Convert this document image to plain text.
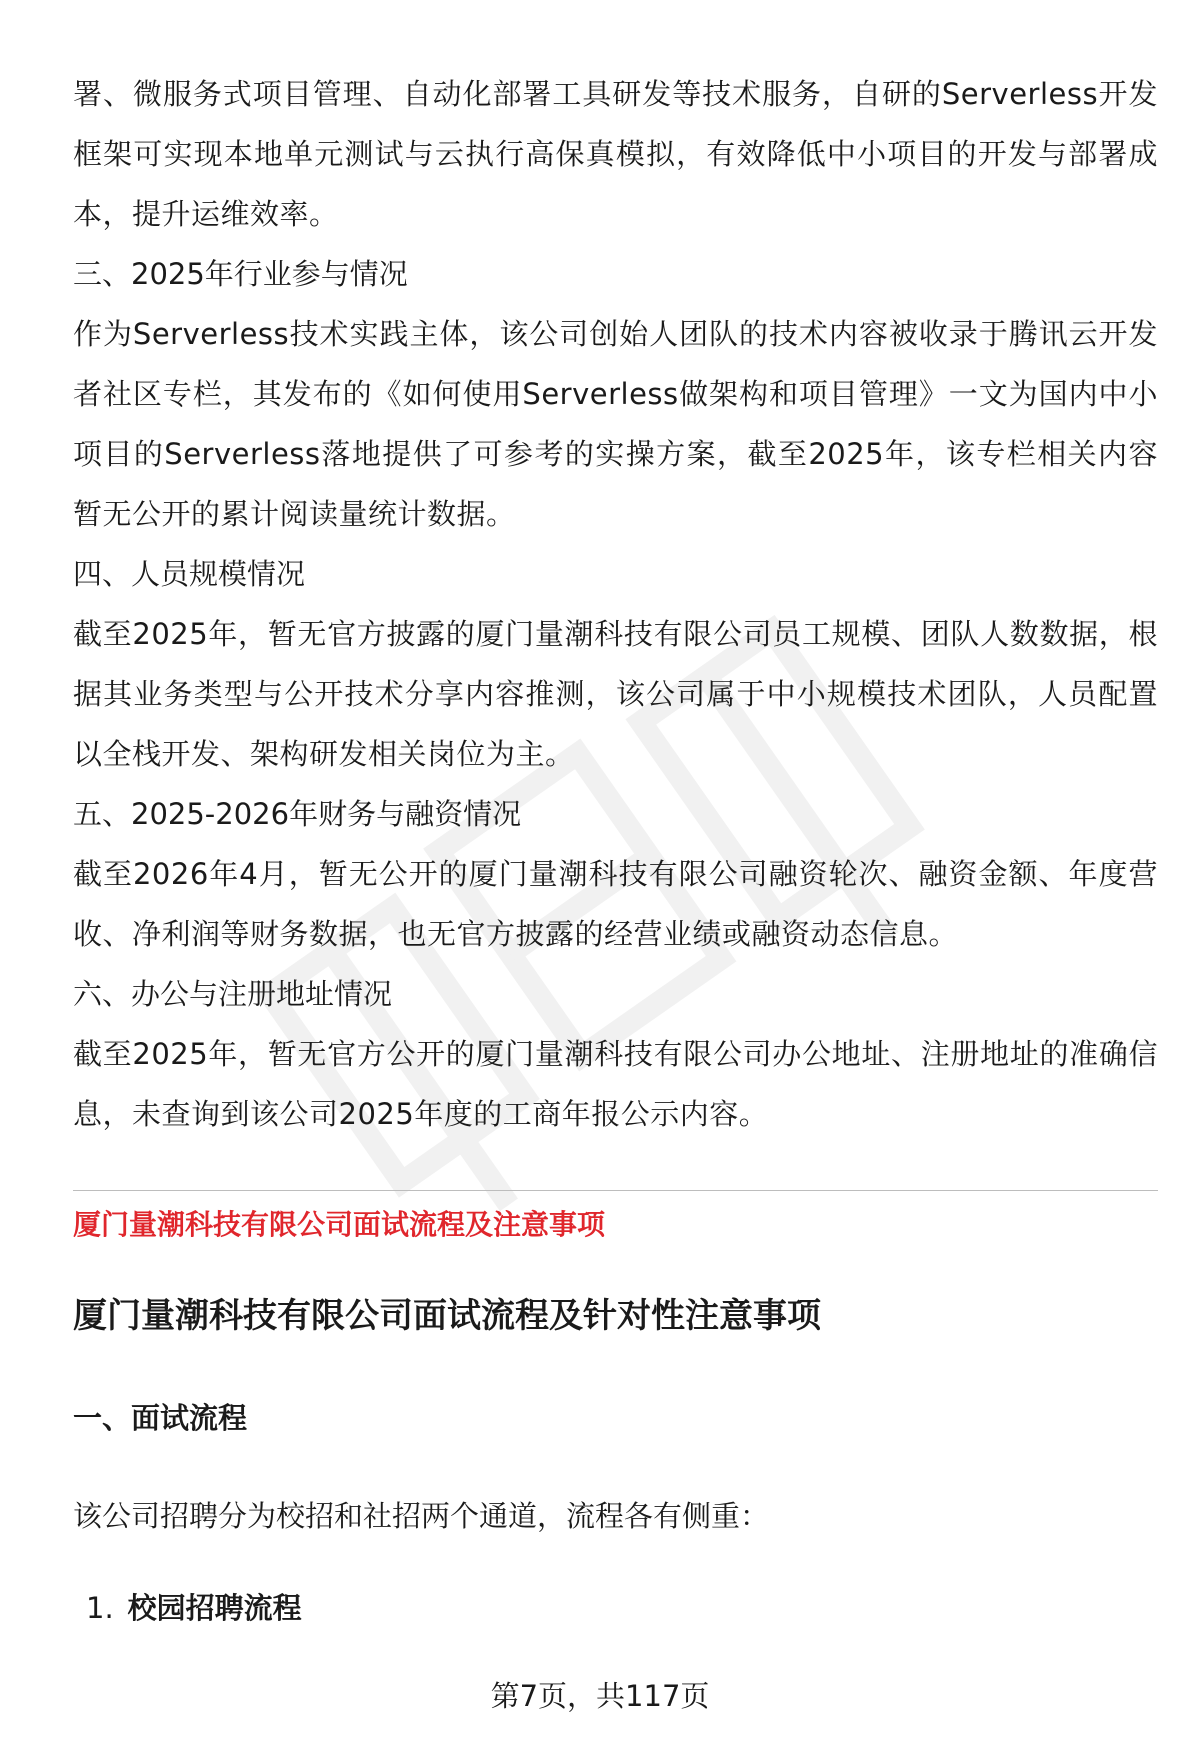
署、微服务式项目管理、自动化部署工具研发等技术服务，自研的Serverless开发框架可实现本地单元测试与云执行高保真模拟，有效降低中小项目的开发与部署成本，提升运维效率。

三、2025年行业参与情况

作为Serverless技术实践主体，该公司创始人团队的技术内容被收录于腾讯云开发者社区专栏，其发布的《如何使用Serverless做架构和项目管理》一文为国内中小项目的Serverless落地提供了可参考的实操方案，截至2025年，该专栏相关内容暂无公开的累计阅读量统计数据。

四、人员规模情况

截至2025年，暂无官方披露的厦门量潮科技有限公司员工规模、团队人数数据，根据其业务类型与公开技术分享内容推测，该公司属于中小规模技术团队，人员配置以全栈开发、架构研发相关岗位为主。

五、2025-2026年财务与融资情况

截至2026年4月，暂无公开的厦门量潮科技有限公司融资轮次、融资金额、年度营收、净利润等财务数据，也无官方披露的经营业绩或融资动态信息。

六、办公与注册地址情况

截至2025年，暂无官方公开的厦门量潮科技有限公司办公地址、注册地址的准确信息，未查询到该公司2025年度的工商年报公示内容。

厦门量潮科技有限公司面试流程及注意事项

厦门量潮科技有限公司面试流程及针对性注意事项

一、面试流程

该公司招聘分为校招和社招两个通道，流程各有侧重：

1. 校园招聘流程

第7页，共117页
